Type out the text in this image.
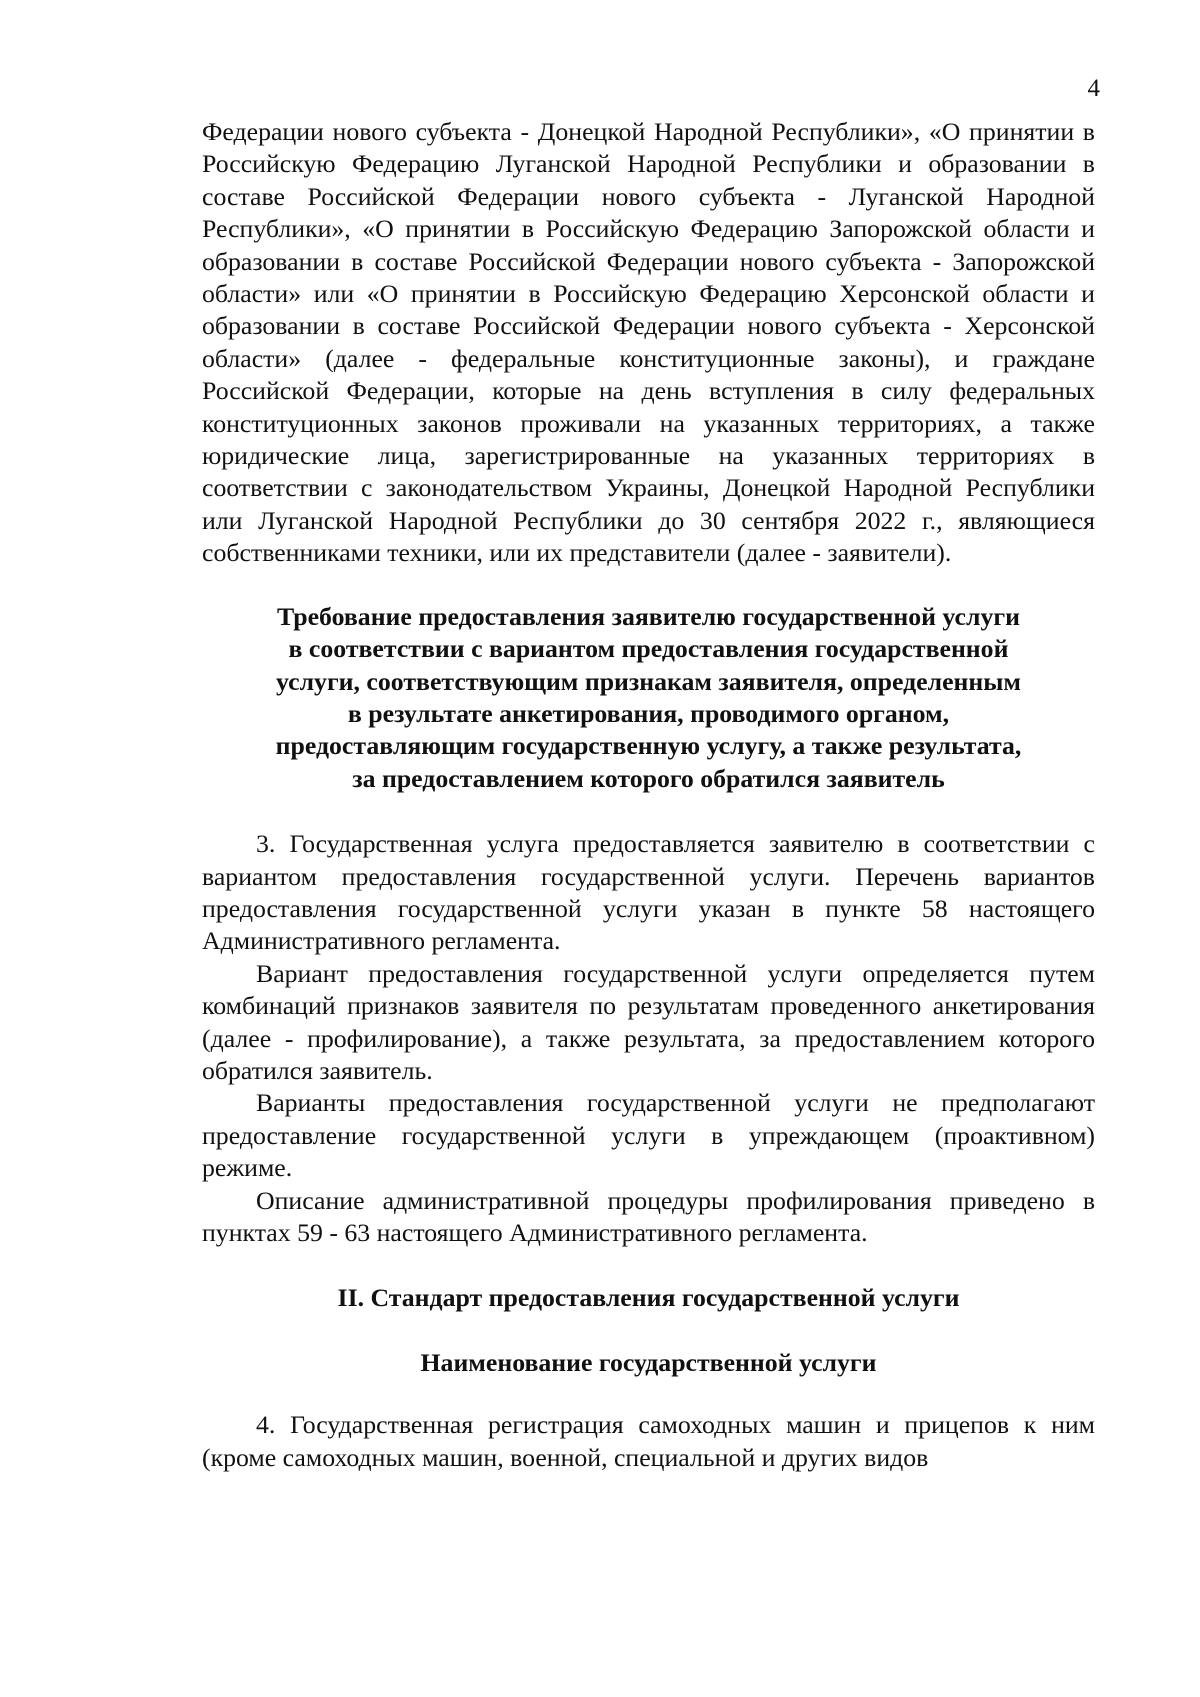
4

Федерации нового субъекта - Донецкой Народной Республики», «О принятии в Российскую Федерацию Луганской Народной Республики и образовании в составе Российской Федерации нового субъекта - Луганской Народной Республики», «О принятии в Российскую Федерацию Запорожской области и образовании в составе Российской Федерации нового субъекта - Запорожской области» или «О принятии в Российскую Федерацию Херсонской области и образовании в составе Российской Федерации нового субъекта - Херсонской области» (далее - федеральные конституционные законы), и граждане Российской Федерации, которые на день вступления в силу федеральных конституционных законов проживали на указанных территориях, а также юридические лица, зарегистрированные на указанных территориях в соответствии с законодательством Украины, Донецкой Народной Республики или Луганской Народной Республики до 30 сентября 2022 г., являющиеся собственниками техники, или их представители (далее - заявители).

Требование предоставления заявителю государственной услуги
в соответствии с вариантом предоставления государственной
услуги, соответствующим признакам заявителя, определенным
в результате анкетирования, проводимого органом,
предоставляющим государственную услугу, а также результата,
за предоставлением которого обратился заявитель

3. Государственная услуга предоставляется заявителю в соответствии с вариантом предоставления государственной услуги. Перечень вариантов предоставления государственной услуги указан в пункте 58 настоящего Административного регламента.

Вариант предоставления государственной услуги определяется путем комбинаций признаков заявителя по результатам проведенного анкетирования (далее - профилирование), а также результата, за предоставлением которого обратился заявитель.

Варианты предоставления государственной услуги не предполагают предоставление государственной услуги в упреждающем (проактивном) режиме.

Описание административной процедуры профилирования приведено в пунктах 59 - 63 настоящего Административного регламента.

II. Стандарт предоставления государственной услуги
Наименование государственной услуги

4. Государственная регистрация самоходных машин и прицепов к ним (кроме самоходных машин, военной, специальной и других видов
